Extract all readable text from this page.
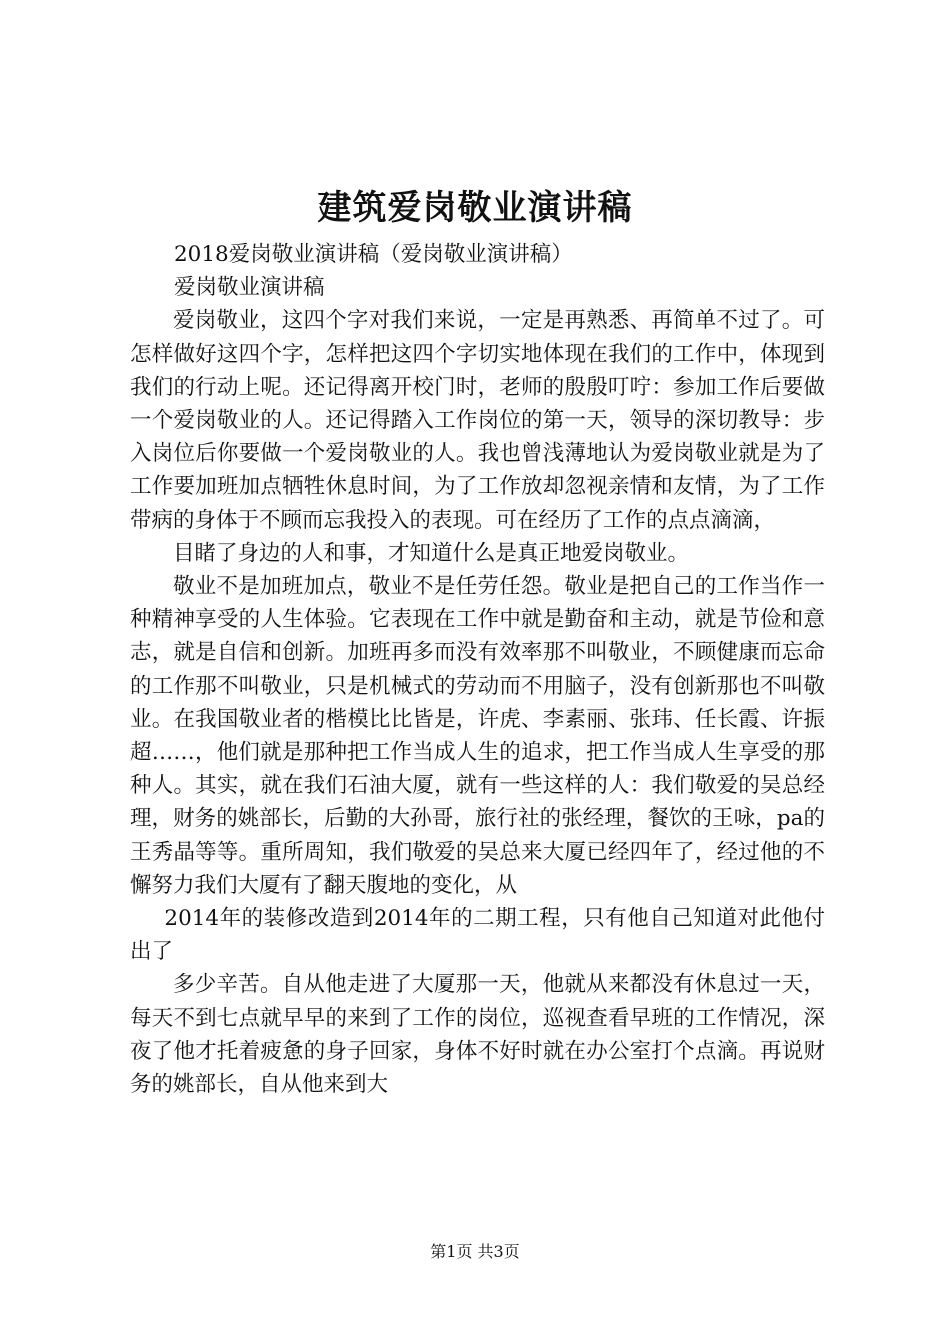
建筑爱岗敬业演讲稿

2018爱岗敬业演讲稿（爱岗敬业演讲稿）

爱岗敬业演讲稿

爱岗敬业，这四个字对我们来说，一定是再熟悉、再简单不过了。可怎样做好这四个字，怎样把这四个字切实地体现在我们的工作中，体现到我们的行动上呢。还记得离开校门时，老师的殷殷叮咛：参加工作后要做一个爱岗敬业的人。还记得踏入工作岗位的第一天，领导的深切教导：步入岗位后你要做一个爱岗敬业的人。我也曾浅薄地认为爱岗敬业就是为了工作要加班加点牺牲休息时间，为了工作放却忽视亲情和友情，为了工作带病的身体于不顾而忘我投入的表现。可在经历了工作的点点滴滴，

目睹了身边的人和事，才知道什么是真正地爱岗敬业。

敬业不是加班加点，敬业不是任劳任怨。敬业是把自己的工作当作一种精神享受的人生体验。它表现在工作中就是勤奋和主动，就是节俭和意志，就是自信和创新。加班再多而没有效率那不叫敬业，不顾健康而忘命的工作那不叫敬业，只是机械式的劳动而不用脑子，没有创新那也不叫敬业。在我国敬业者的楷模比比皆是，许虎、李素丽、张玮、任长霞、许振超……，他们就是那种把工作当成人生的追求，把工作当成人生享受的那种人。其实，就在我们石油大厦，就有一些这样的人：我们敬爱的吴总经理，财务的姚部长，后勤的大孙哥，旅行社的张经理，餐饮的王咏，pa的王秀晶等等。重所周知，我们敬爱的吴总来大厦已经四年了，经过他的不懈努力我们大厦有了翻天腹地的变化，从

2014年的装修改造到2014年的二期工程，只有他自己知道对此他付出了

多少辛苦。自从他走进了大厦那一天，他就从来都没有休息过一天，每天不到七点就早早的来到了工作的岗位，巡视查看早班的工作情况，深夜了他才托着疲惫的身子回家，身体不好时就在办公室打个点滴。再说财务的姚部长，自从他来到大

第1页 共3页
